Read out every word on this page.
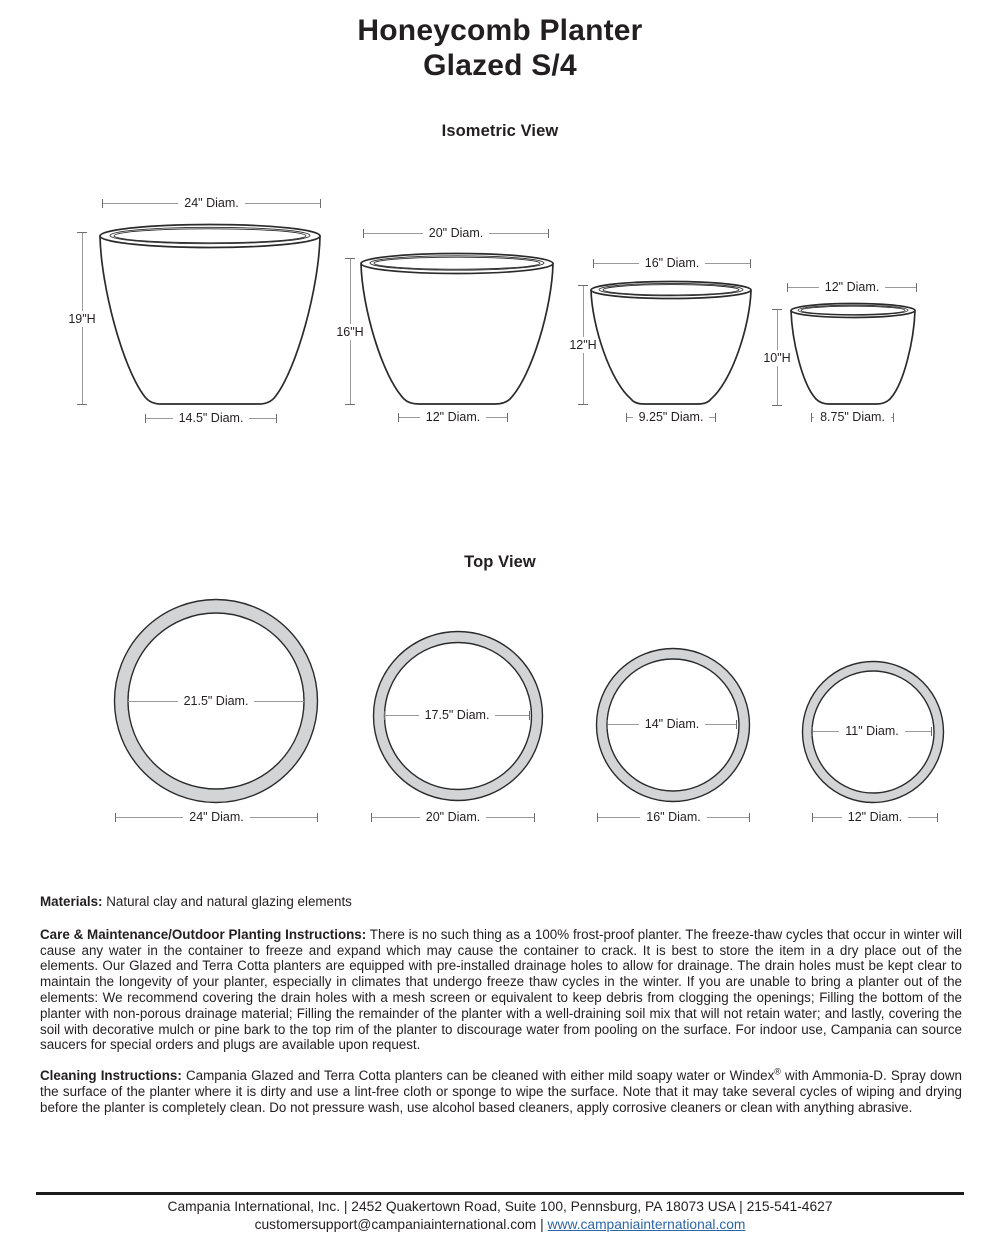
Honeycomb Planter
Glazed S/4
Isometric View
24" Diam.
19"H
14.5" Diam.
20" Diam.
16"H
12" Diam.
16" Diam.
12"H
9.25" Diam.
12" Diam.
10"H
8.75" Diam.
Top View
21.5" Diam.
24" Diam.
17.5" Diam.
20" Diam.
14" Diam.
16" Diam.
11" Diam.
12" Diam.

Materials: Natural clay and natural glazing elements

Care & Maintenance/Outdoor Planting Instructions: There is no such thing as a 100% frost-proof planter. The freeze-thaw cycles that occur in winter will cause any water in the container to freeze and expand which may cause the container to crack. It is best to store the item in a dry place out of the elements. Our Glazed and Terra Cotta planters are equipped with pre-installed drainage holes to allow for drainage. The drain holes must be kept clear to maintain the longevity of your planter, especially in climates that undergo freeze thaw cycles in the winter. If you are unable to bring a planter out of the elements: We recommend covering the drain holes with a mesh screen or equivalent to keep debris from clogging the openings; Filling the bottom of the planter with non-porous drainage material; Filling the remainder of the planter with a well-draining soil mix that will not retain water; and lastly, covering the soil with decorative mulch or pine bark to the top rim of the planter to discourage water from pooling on the surface. For indoor use, Campania can source saucers for special orders and plugs are available upon request.

Cleaning Instructions: Campania Glazed and Terra Cotta planters can be cleaned with either mild soapy water or Windex® with Ammonia-D. Spray down the surface of the planter where it is dirty and use a lint-free cloth or sponge to wipe the surface. Note that it may take several cycles of wiping and drying before the planter is completely clean. Do not pressure wash, use alcohol based cleaners, apply corrosive cleaners or clean with anything abrasive.

Campania International, Inc. | 2452 Quakertown Road, Suite 100, Pennsburg, PA 18073 USA | 215-541-4627
customersupport@campaniainternational.com | www.campaniainternational.com
